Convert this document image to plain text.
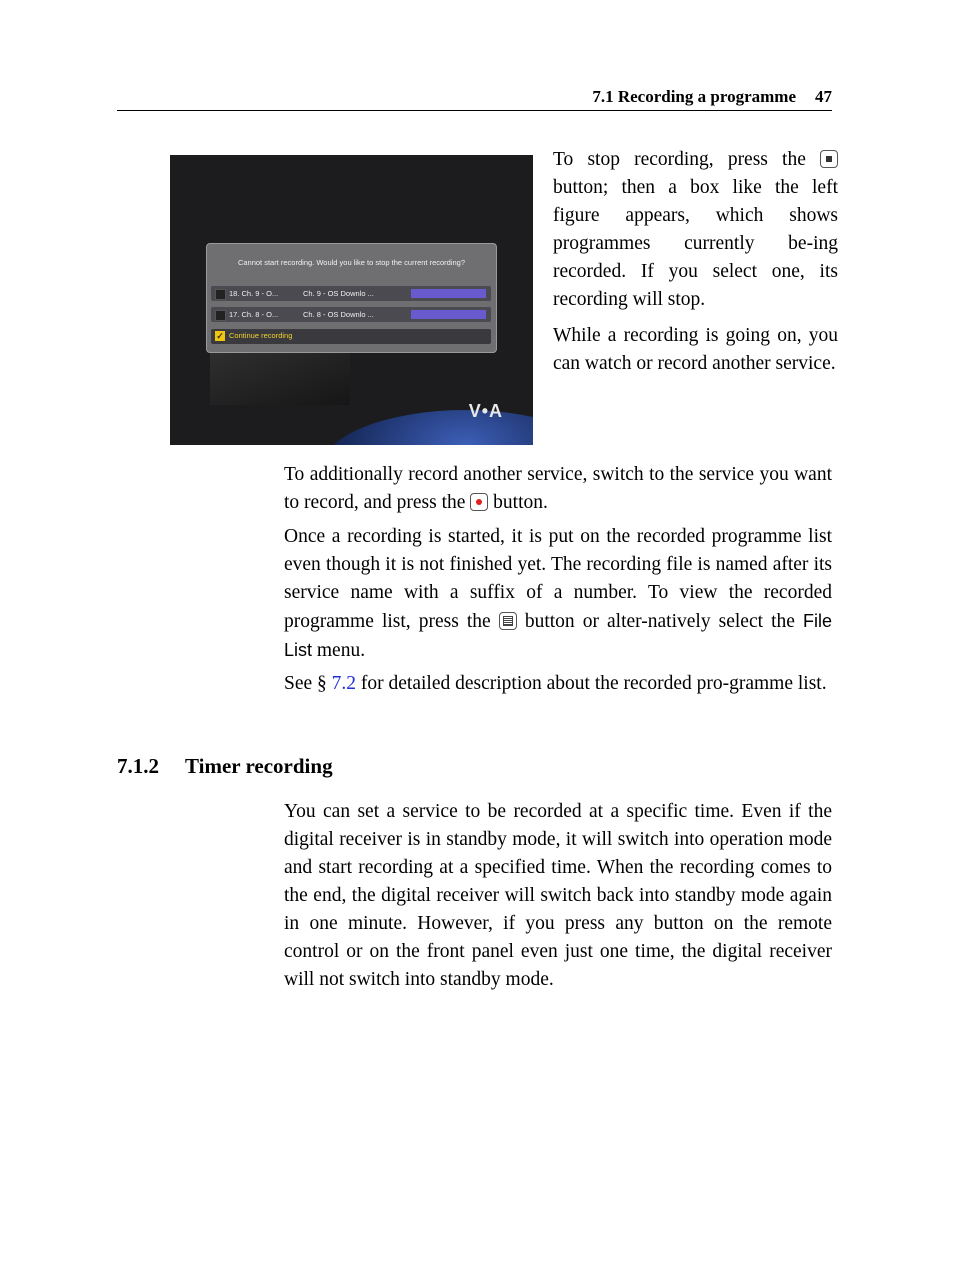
7.1 Recording a programme 47
V•A
Cannot start recording. Would you like to stop the current recording?
18. Ch. 9 - O...	Ch. 9 - OS Downlo ...
17. Ch. 8 - O...	Ch. 8 - OS Downlo ...
✓ Continue recording
To stop recording, press the  button; then a box like the left figure appears, which shows programmes currently be-ing recorded. If you select one, its recording will stop.
While a recording is going on, you can watch or record another service.
To additionally record another service, switch to the service you want to record, and press the button.
Once a recording is started, it is put on the recorded programme list even though it is not finished yet. The recording file is named after its service name with a suffix of a number. To view the recorded programme list, press the button or alter-natively select the File List menu.
See § 7.2 for detailed description about the recorded pro-gramme list.
7.1.2 Timer recording
You can set a service to be recorded at a specific time. Even if the digital receiver is in standby mode, it will switch into operation mode and start recording at a specified time. When the recording comes to the end, the digital receiver will switch back into standby mode again in one minute. However, if you press any button on the remote control or on the front panel even just one time, the digital receiver will not switch into standby mode.
